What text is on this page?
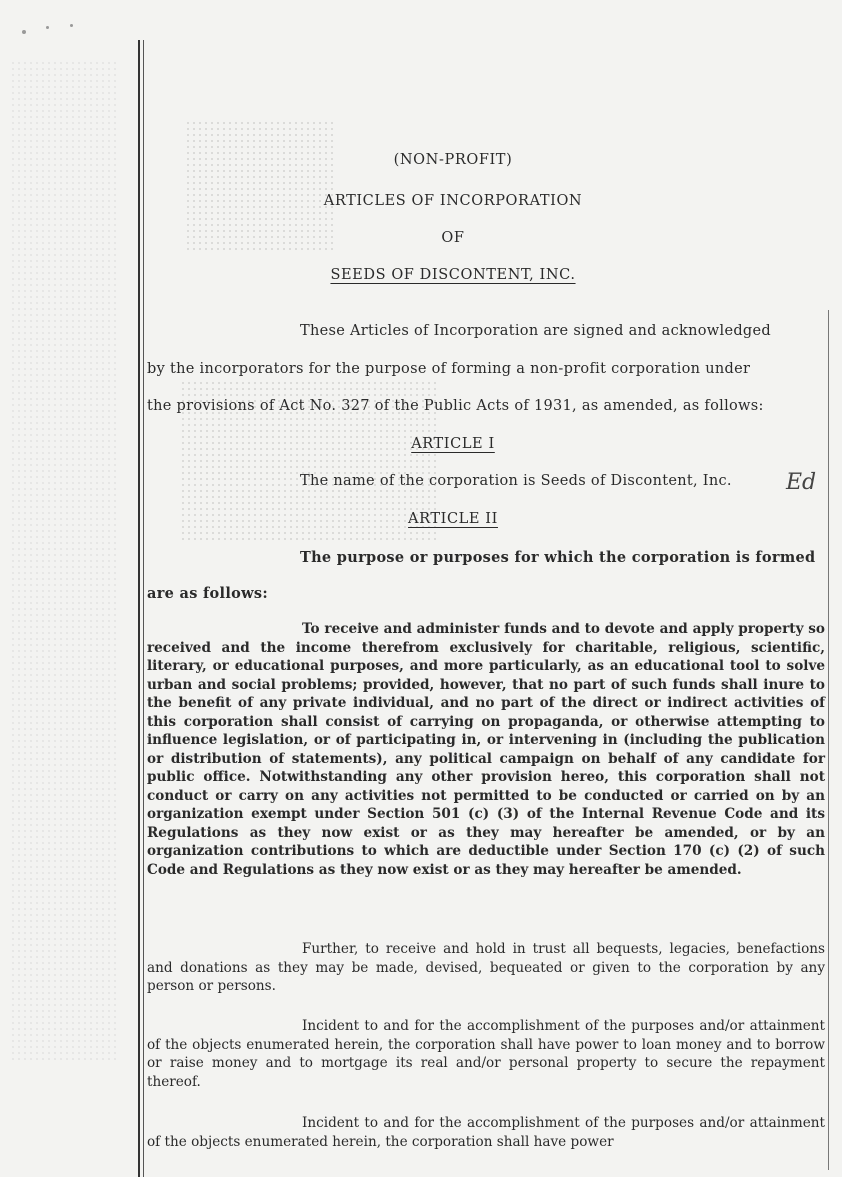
(NON-PROFIT)
ARTICLES OF INCORPORATION
OF
SEEDS OF DISCONTENT, INC.
These Articles of Incorporation are signed and acknowledged
by the incorporators for the purpose of forming a non-profit corporation under
the provisions of Act No. 327 of the Public Acts of 1931, as amended, as follows:
ARTICLE I
The name of the corporation is Seeds of Discontent, Inc. Ed
ARTICLE II
The purpose or purposes for which the corporation is formed
are as follows:
To receive and administer funds and to devote and apply property so received and the income therefrom exclusively for charitable, religious, scientific, literary, or educational purposes, and more particularly, as an educational tool to solve urban and social problems; provided, however, that no part of such funds shall inure to the benefit of any private individual, and no part of the direct or indirect activities of this corporation shall consist of carrying on propaganda, or otherwise attempting to influence legislation, or of participating in, or intervening in (including the publication or distribution of statements), any political campaign on behalf of any candidate for public office. Notwithstanding any other provision hereo, this corporation shall not conduct or carry on any activities not permitted to be conducted or carried on by an organization exempt under Section 501 (c) (3) of the Internal Revenue Code and its Regulations as they now exist or as they may hereafter be amended, or by an organization contributions to which are deductible under Section 170 (c) (2) of such Code and Regulations as they now exist or as they may hereafter be amended.
Further, to receive and hold in trust all bequests, legacies, benefactions and donations as they may be made, devised, bequeated or given to the corporation by any person or persons.
Incident to and for the accomplishment of the purposes and/or attainment of the objects enumerated herein, the corporation shall have power to loan money and to borrow or raise money and to mortgage its real and/or personal property to secure the repayment thereof.
Incident to and for the accomplishment of the purposes and/or attainment of the objects enumerated herein, the corporation shall have power
